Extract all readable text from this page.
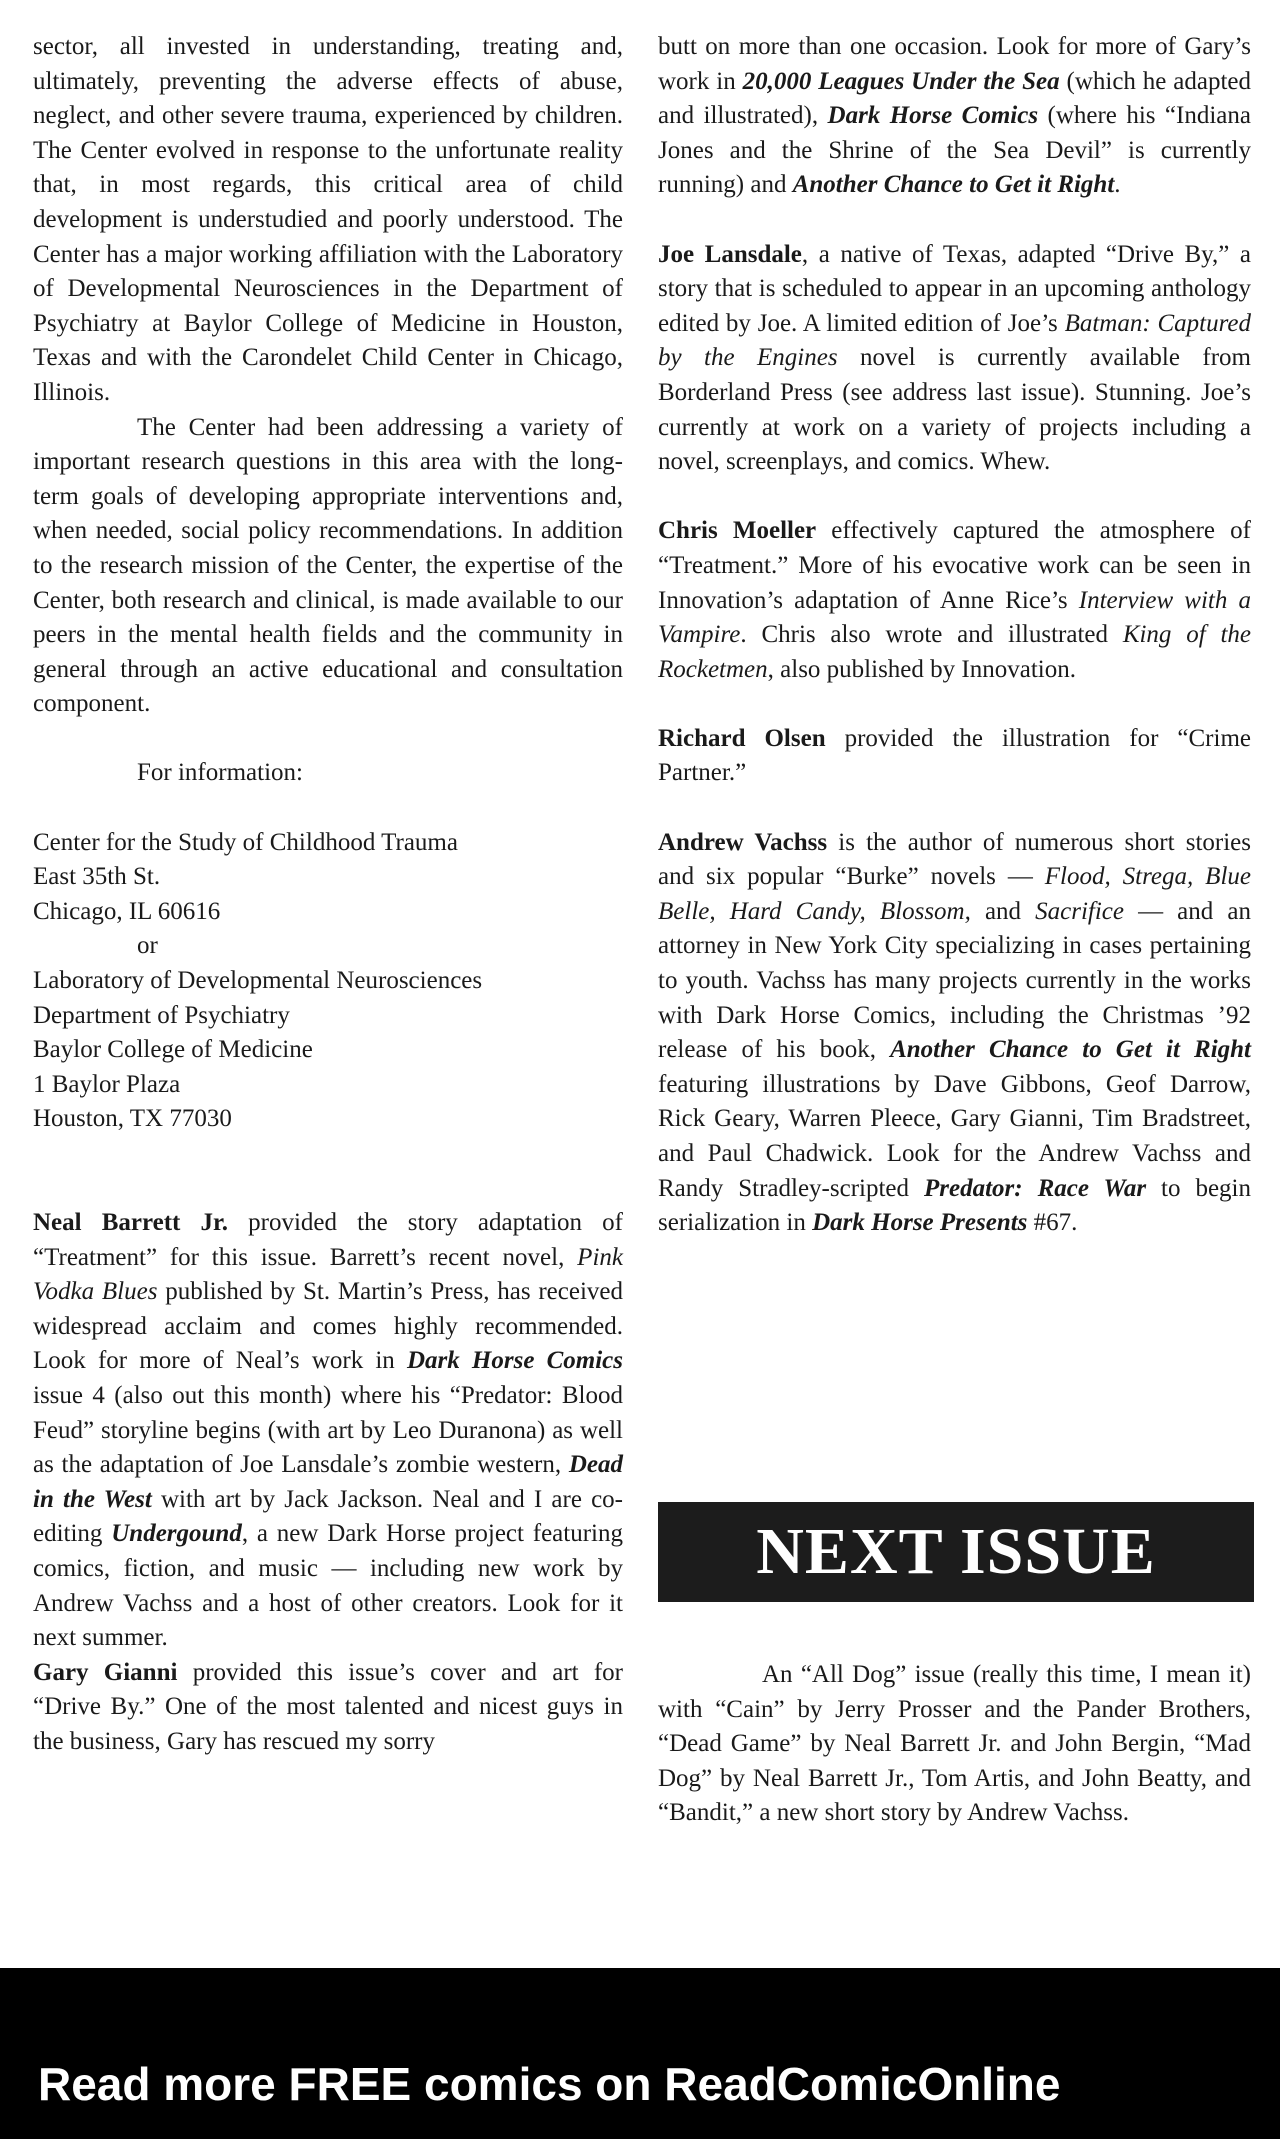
sector, all invested in understanding, treating and, ultimately, preventing the adverse effects of abuse, neglect, and other severe trauma, experienced by children. The Center evolved in response to the unfortunate reality that, in most regards, this critical area of child development is understudied and poorly understood. The Center has a major working affiliation with the Laboratory of Developmental Neurosciences in the Department of Psychiatry at Baylor College of Medicine in Houston, Texas and with the Carondelet Child Center in Chicago, Illinois.

The Center had been addressing a variety of important research questions in this area with the long-term goals of developing appropriate interventions and, when needed, social policy recommendations. In addition to the research mission of the Center, the expertise of the Center, both research and clinical, is made available to our peers in the mental health fields and the community in general through an active educational and consultation component.

For information:

Center for the Study of Childhood Trauma
East 35th St.
Chicago, IL 60616
or
Laboratory of Developmental Neurosciences
Department of Psychiatry
Baylor College of Medicine
1 Baylor Plaza
Houston, TX 77030

Neal Barrett Jr. provided the story adaptation of “Treatment” for this issue. Barrett’s recent novel, Pink Vodka Blues published by St. Martin’s Press, has received widespread acclaim and comes highly recommended. Look for more of Neal’s work in Dark Horse Comics issue 4 (also out this month) where his “Predator: Blood Feud” storyline begins (with art by Leo Duranona) as well as the adaptation of Joe Lansdale’s zombie western, Dead in the West with art by Jack Jackson. Neal and I are co-editing Undergound, a new Dark Horse project featuring comics, fiction, and music — including new work by Andrew Vachss and a host of other creators. Look for it next summer.

Gary Gianni provided this issue’s cover and art for “Drive By.” One of the most talented and nicest guys in the business, Gary has rescued my sorry

butt on more than one occasion. Look for more of Gary’s work in 20,000 Leagues Under the Sea (which he adapted and illustrated), Dark Horse Comics (where his “Indiana Jones and the Shrine of the Sea Devil” is currently running) and Another Chance to Get it Right.

Joe Lansdale, a native of Texas, adapted “Drive By,” a story that is scheduled to appear in an upcoming anthology edited by Joe. A limited edition of Joe’s Batman: Captured by the Engines novel is currently available from Borderland Press (see address last issue). Stunning. Joe’s currently at work on a variety of projects including a novel, screenplays, and comics. Whew.

Chris Moeller effectively captured the atmosphere of “Treatment.” More of his evocative work can be seen in Innovation’s adaptation of Anne Rice’s Interview with a Vampire. Chris also wrote and illustrated King of the Rocketmen, also published by Innovation.

Richard Olsen provided the illustration for “Crime Partner.”

Andrew Vachss is the author of numerous short stories and six popular “Burke” novels — Flood, Strega, Blue Belle, Hard Candy, Blossom, and Sacrifice — and an attorney in New York City specializing in cases pertaining to youth. Vachss has many projects currently in the works with Dark Horse Comics, including the Christmas ’92 release of his book, Another Chance to Get it Right featuring illustrations by Dave Gibbons, Geof Darrow, Rick Geary, Warren Pleece, Gary Gianni, Tim Bradstreet, and Paul Chadwick. Look for the Andrew Vachss and Randy Stradley-scripted Predator: Race War to begin serialization in Dark Horse Presents #67.

NEXT ISSUE

An “All Dog” issue (really this time, I mean it) with “Cain” by Jerry Prosser and the Pander Brothers, “Dead Game” by Neal Barrett Jr. and John Bergin, “Mad Dog” by Neal Barrett Jr., Tom Artis, and John Beatty, and “Bandit,” a new short story by Andrew Vachss.

Read more FREE comics on ReadComicOnline
